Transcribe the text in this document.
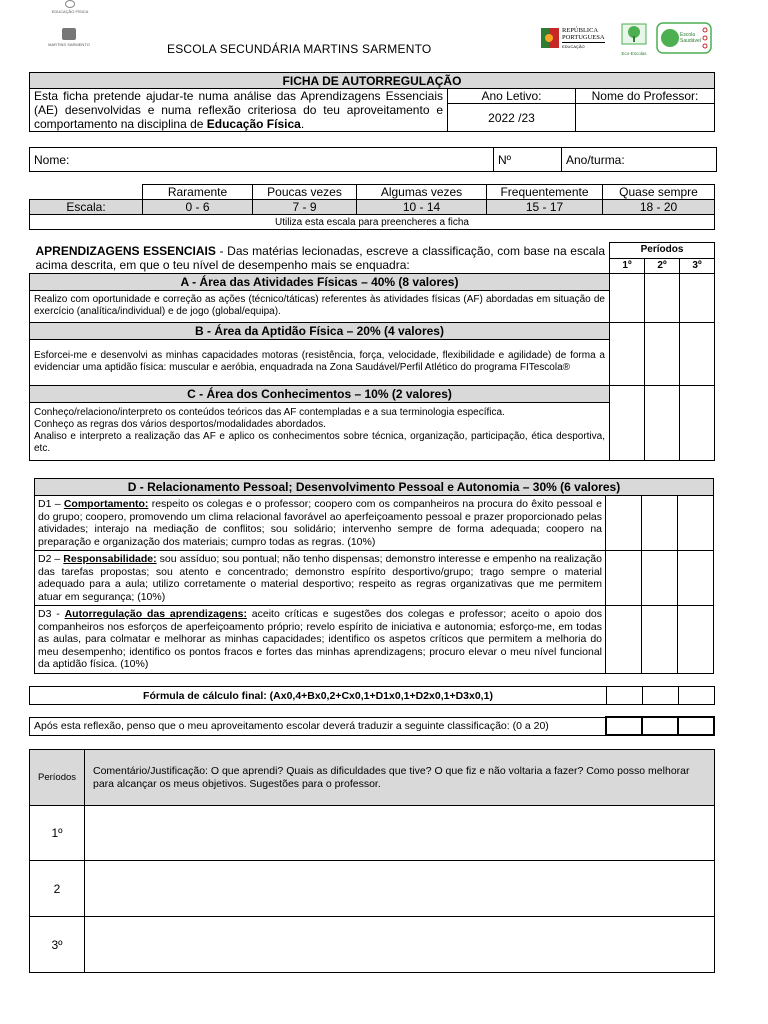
EDUCAÇÃO FÍSICA
MARTINS SARMENTO	ESCOLA SECUNDÁRIA MARTINS SARMENTO
REPÚBLICA
PORTUGUESA
EDUCAÇÃO
Eco-Escolas
Escola Saudável
FICHA DE AUTORREGULAÇÃO		
Esta ficha pretende ajudar-te numa análise das Aprendizagens Essenciais (AE) desenvolvidas e numa reflexão criteriosa do teu aproveitamento e comportamento na disciplina de Educação Física.	Ano Letivo:	Nome do Professor:
	2022 /23	
Nome:	Nº	Ano/turma:
	Raramente	Poucas vezes	Algumas vezes	Frequentemente	Quase sempre
Escala:	0 - 6	7 - 9	10 - 14	15 - 17	18 - 20
Utiliza esta escala para preencheres a ficha					
APRENDIZAGENS ESSENCIAIS - Das matérias lecionadas, escreve a classificação, com base na escala acima descrita, em que o teu nível de desempenho mais se enquadra:	Períodos		
	1º	2º	3º
A - Área das Atividades Físicas – 40% (8 valores)			
Realizo com oportunidade e correção as ações (técnico/táticas) referentes às atividades físicas (AF) abordadas em situação de exercício (analítica/individual) e de jogo (global/equipa).			
B - Área da Aptidão Física – 20% (4 valores)			
Esforcei-me e desenvolvi as minhas capacidades motoras (resistência, força, velocidade, flexibilidade e agilidade) de forma a evidenciar uma aptidão física: muscular e aeróbia, enquadrada na Zona Saudável/Perfil Atlético do programa FITescola®			
C - Área dos Conhecimentos – 10% (2 valores)			

Conheço/relaciono/interpreto os conteúdos teóricos das AF contempladas e a sua terminologia específica.
Conheço as regras dos vários desportos/modalidades abordados.
Analiso e interpreto a realização das AF e aplico os conhecimentos sobre técnica, organização, participação, ética desportiva, etc.			

D - Relacionamento Pessoal; Desenvolvimento Pessoal e Autonomia – 30% (6 valores)			
D1 – Comportamento: respeito os colegas e o professor; coopero com os companheiros na procura do êxito pessoal e do grupo; coopero, promovendo um clima relacional favorável ao aperfeiçoamento pessoal e prazer proporcionado pelas atividades; interajo na mediação de conflitos; sou solidário; intervenho sempre de forma adequada; coopero na preparação e organização dos materiais; cumpro todas as regras. (10%)			
D2 – Responsabilidade: sou assíduo; sou pontual; não tenho dispensas; demonstro interesse e empenho na realização das tarefas propostas; sou atento e concentrado; demonstro espírito desportivo/grupo; trago sempre o material adequado para a aula; utilizo corretamente o material desportivo; respeito as regras organizativas que me permitem atuar em segurança; (10%)			
D3 - Autorregulação das aprendizagens: aceito críticas e sugestões dos colegas e professor; aceito o apoio dos companheiros nos esforços de aperfeiçoamento próprio; revelo espírito de iniciativa e autonomia; esforço-me, em todas as aulas, para colmatar e melhorar as minhas capacidades; identifico os aspetos críticos que permitem a melhoria do meu desempenho; identifico os pontos fracos e fortes das minhas aprendizagens; procuro elevar o meu nível funcional da aptidão física. (10%)			
Fórmula de cálculo final: (Ax0,4+Bx0,2+Cx0,1+D1x0,1+D2x0,1+D3x0,1)			
Após esta reflexão, penso que o meu aproveitamento escolar deverá traduzir a seguinte classificação: (0 a 20)			
Períodos	Comentário/Justificação: O que aprendi? Quais as dificuldades que tive? O que fiz e não voltaria a fazer? Como posso melhorar para alcançar os meus objetivos. Sugestões para o professor.
1º	
2	
3º	
